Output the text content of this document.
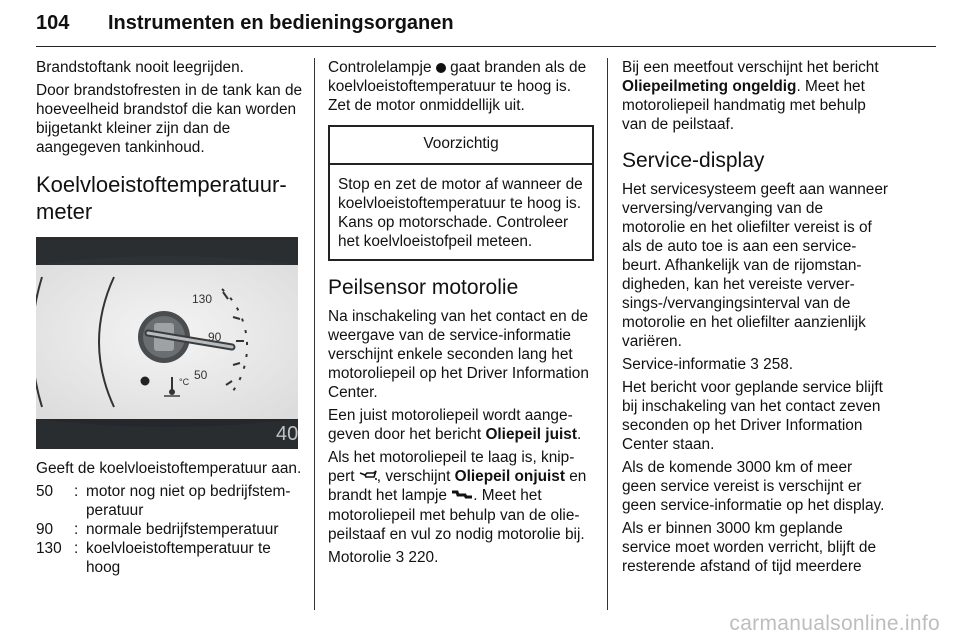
104 Instrumenten en bedieningsorganen

Brandstoftank nooit leegrijden.

Door brandstofresten in de tank kan de hoeveelheid brandstof die kan worden bijgetankt kleiner zijn dan de aangegeven tankinhoud.

Koelvloeistoftemperatuurmeter
130
90
50
°C
40

Geeft de koelvloeistoftemperatuur aan.

50	: motor nog niet op bedrijfstemperatuur
90	: normale bedrijfstemperatuur
130 : koelvloeistoftemperatuur te hoog

Controlelampje  gaat branden als de koelvloeistoftemperatuur te hoog is. Zet de motor onmiddellijk uit.

Voorzichtig
Stop en zet de motor af wanneer de koelvloeistoftemperatuur te hoog is. Kans op motorschade. Controleer het koelvloeistofpeil meteen.
Peilsensor motorolie

Na inschakeling van het contact en de weergave van de service-informatie verschijnt enkele seconden lang het motoroliepeil op het Driver Information Center.

Een juist motoroliepeil wordt aangegeven door het bericht Oliepeil juist.

Als het motoroliepeil te laag is, knippert , verschijnt Oliepeil onjuist en brandt het lampje . Meet het motoroliepeil met behulp van de oliepeilstaaf en vul zo nodig motorolie bij.

Motorolie 3 220.

Bij een meetfout verschijnt het bericht Oliepeilmeting ongeldig. Meet het motoroliepeil handmatig met behulp van de peilstaaf.

Service-display

Het servicesysteem geeft aan wanneer verversing/vervanging van de motorolie en het oliefilter vereist is of als de auto toe is aan een servicebeurt. Afhankelijk van de rijomstandigheden, kan het vereiste verversings-/vervangingsinterval van de motorolie en het oliefilter aanzienlijk variëren.

Service-informatie 3 258.

Het bericht voor geplande service blijft bij inschakeling van het contact zeven seconden op het Driver Information Center staan.

Als de komende 3000 km of meer geen service vereist is verschijnt er geen service-informatie op het display.

Als er binnen 3000 km geplande service moet worden verricht, blijft de resterende afstand of tijd meerdere

carmanualsonline.info
